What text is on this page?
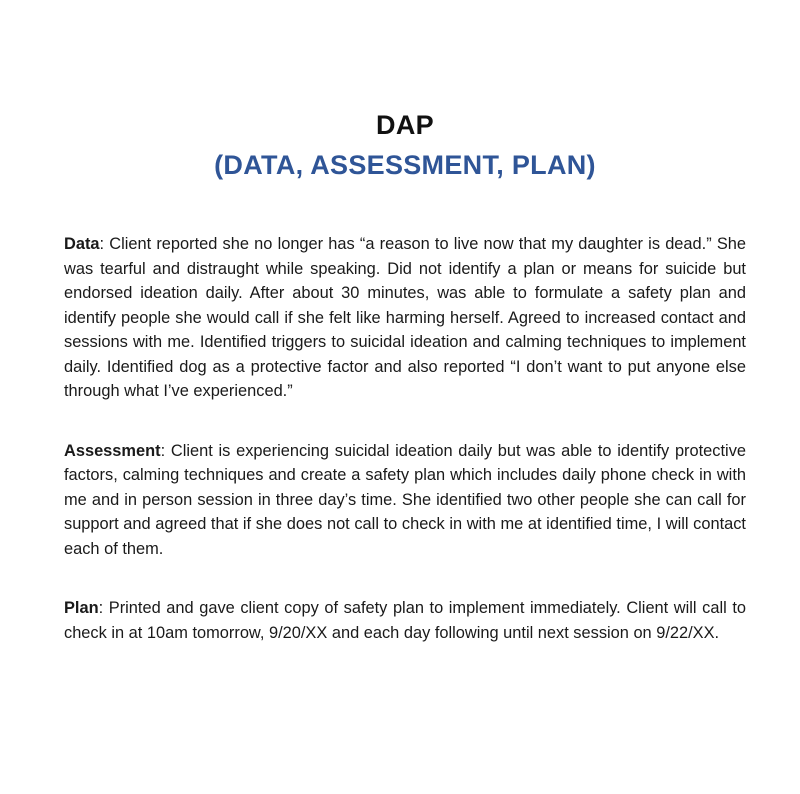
DAP
(DATA, ASSESSMENT, PLAN)

Data: Client reported she no longer has “a reason to live now that my daughter is dead.” She was tearful and distraught while speaking. Did not identify a plan or means for suicide but endorsed ideation daily. After about 30 minutes, was able to formulate a safety plan and identify people she would call if she felt like harming herself. Agreed to increased contact and sessions with me. Identified triggers to suicidal ideation and calming techniques to implement daily. Identified dog as a protective factor and also reported “I don’t want to put anyone else through what I’ve experienced.”

Assessment: Client is experiencing suicidal ideation daily but was able to identify protective factors, calming techniques and create a safety plan which includes daily phone check in with me and in person session in three day’s time. She identified two other people she can call for support and agreed that if she does not call to check in with me at identified time, I will contact each of them.

Plan: Printed and gave client copy of safety plan to implement immediately. Client will call to check in at 10am tomorrow, 9/20/XX and each day following until next session on 9/22/XX.
